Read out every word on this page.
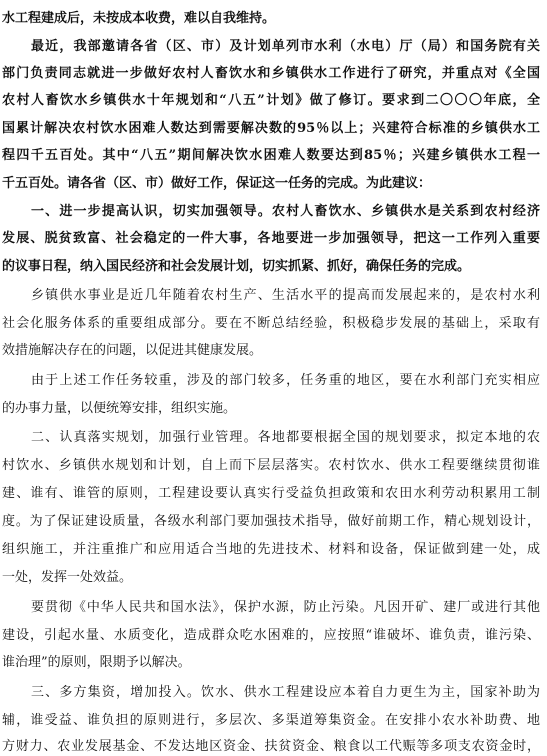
水工程建成后，未按成本收费，难以自我维持。
最近，我部邀请各省（区、市）及计划单列市水利（水电）厅（局）和国务院有关
部门负责同志就进一步做好农村人畜饮水和乡镇供水工作进行了研究，并重点对《全国
农村人畜饮水乡镇供水十年规划和“八五”计划》做了修订。要求到二〇〇〇年底，全
国累计解决农村饮水困难人数达到需要解决数的95％以上；兴建符合标准的乡镇供水工
程四千五百处。其中“八五”期间解决饮水困难人数要达到85％；兴建乡镇供水工程一
千五百处。请各省（区、市）做好工作，保证这一任务的完成。为此建议：
一、进一步提高认识，切实加强领导。农村人畜饮水、乡镇供水是关系到农村经济
发展、脱贫致富、社会稳定的一件大事，各地要进一步加强领导，把这一工作列入重要
的议事日程，纳入国民经济和社会发展计划，切实抓紧、抓好，确保任务的完成。
乡镇供水事业是近几年随着农村生产、生活水平的提高而发展起来的，是农村水利
社会化服务体系的重要组成部分。要在不断总结经验，积极稳步发展的基础上，采取有
效措施解决存在的问题，以促进其健康发展。
由于上述工作任务较重，涉及的部门较多，任务重的地区，要在水利部门充实相应
的办事力量，以便统筹安排，组织实施。
二、认真落实规划，加强行业管理。各地都要根据全国的规划要求，拟定本地的农
村饮水、乡镇供水规划和计划，自上而下层层落实。农村饮水、供水工程要继续贯彻谁
建、谁有、谁管的原则，工程建设要认真实行受益负担政策和农田水利劳动积累用工制
度。为了保证建设质量，各级水利部门要加强技术指导，做好前期工作，精心规划设计，
组织施工，并注重推广和应用适合当地的先进技术、材料和设备，保证做到建一处，成
一处，发挥一处效益。
要贯彻《中华人民共和国水法》，保护水源，防止污染。凡因开矿、建厂或进行其他
建设，引起水量、水质变化，造成群众吃水困难的，应按照“谁破坏、谁负责，谁污染、
谁治理”的原则，限期予以解决。
三、多方集资，增加投入。饮水、供水工程建设应本着自力更生为主，国家补助为
辅，谁受益、谁负担的原则进行，多层次、多渠道筹集资金。在安排小农水补助费、地
方财力、农业发展基金、不发达地区资金、扶贫资金、粮食以工代赈等多项支农资金时，
